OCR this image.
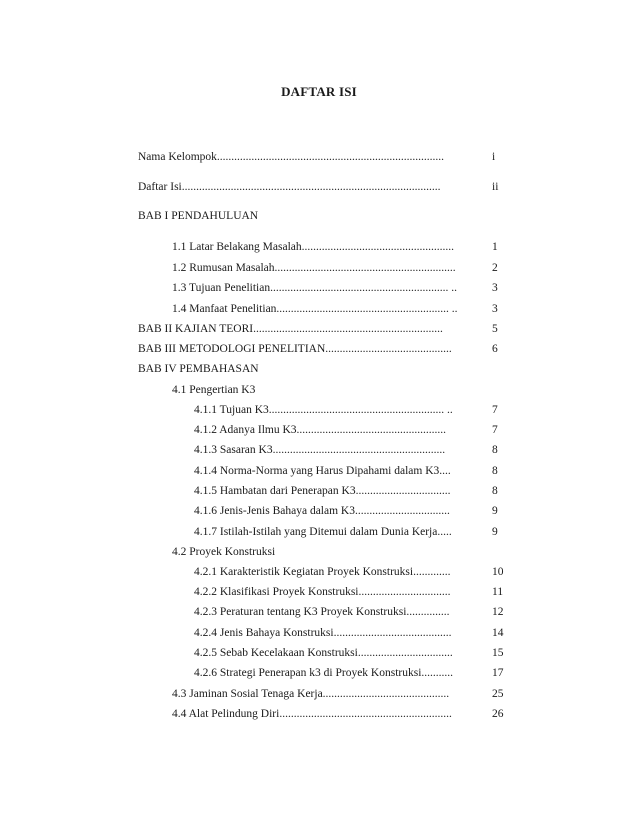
DAFTAR ISI
Nama Kelompok...............................................................................	i
Daftar Isi..........................................................................................	ii
BAB I PENDAHULUAN
1.1 Latar Belakang Masalah.....................................................	1
1.2 Rumusan Masalah...............................................................	2
1.3 Tujuan Penelitian.............................................................. ..	3
1.4 Manfaat Penelitian............................................................ ..	3
BAB II KAJIAN TEORI..................................................................	5
BAB III METODOLOGI PENELITIAN............................................	6
BAB IV PEMBAHASAN
4.1 Pengertian K3
4.1.1 Tujuan K3............................................................. ..	7
4.1.2 Adanya Ilmu K3....................................................	7
4.1.3 Sasaran K3............................................................	8
4.1.4 Norma-Norma yang Harus Dipahami dalam K3....	8
4.1.5 Hambatan dari Penerapan K3.................................	8
4.1.6 Jenis-Jenis Bahaya dalam K3.................................	9
4.1.7 Istilah-Istilah yang Ditemui dalam Dunia Kerja.....	9
4.2 Proyek Konstruksi
4.2.1 Karakteristik Kegiatan Proyek Konstruksi.............	10
4.2.2 Klasifikasi Proyek Konstruksi................................	11
4.2.3 Peraturan tentang K3 Proyek Konstruksi...............	12
4.2.4 Jenis Bahaya Konstruksi.........................................	14
4.2.5 Sebab Kecelakaan Konstruksi.................................	15
4.2.6 Strategi Penerapan k3 di Proyek Konstruksi...........	17
4.3 Jaminan Sosial Tenaga Kerja............................................	25
4.4 Alat Pelindung Diri............................................................	26
